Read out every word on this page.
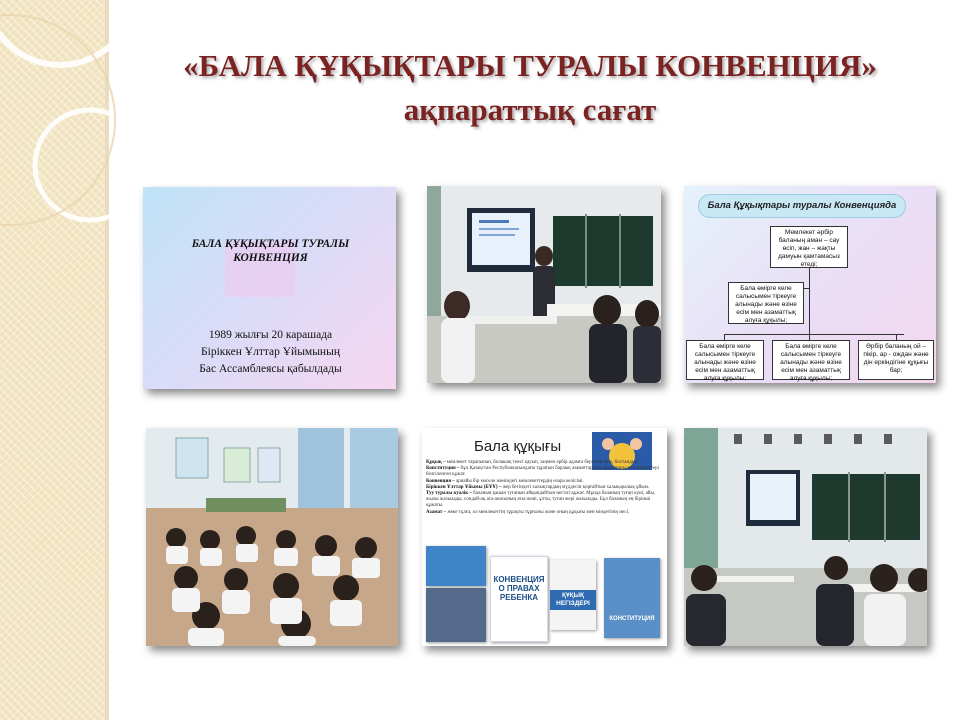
«БАЛА ҚҰҚЫҚТАРЫ ТУРАЛЫ КОНВЕНЦИЯ»
ақпараттық сағат
БАЛА ҚҰҚЫҚТАРЫ ТУРАЛЫ КОНВЕНЦИЯ
1989 жылғы 20 карашада
Біріккен Ұлттар Ұйымының
Бас Ассамблеясы қабылдады
Бала Құқықтары туралы Конвенцияда
Мемлекет әрбір баланың аман – сау өсіп, жан – жақты дамуын қамтамасыз етеді;
Бала өмірге келе салысымен тіркеуге алынады және өзіне есім мен азаматтық алуға құқылы;
Бала өмірге келе салысымен тіркеуге алынады және өзіне есім мен азаматтық алуға құқылы;
Бала өмірге келе салысымен тіркеуге алынады және өзіне есім мен азаматтық алуға құқылы;
Әрбір баланың ой – пікір, ар - ождан және дін еркіндігіне құқығы бар;
Бала құқығы
Құқық – мемлекет тарапынан, болашақ тиесі қауып, заңмен әрбір адамға берілген ерік, бостандық
Конституция – бұл Қазақстан Республикасындағы тұратын барлық азаматтардың құқықтары мен міндеттері белгіленген құжат.
Конвенция – арнайы бір мәселе жөніндегі мемлекеттердің өзара келісімі.
Біріккен Ұлттар Ұйымы (БҰҰ) – жер бетіндегі халықтардың мүддесін қорғайтын халықаралық ұйым.
Туу туралы куәлік – баланың қашан туғанын айқындайтын негізгі құжат. Мұнда баланың туған күні, айы, жылы жазылады, сондай-ақ ата-анасының аты-жөні, ұлты, туған жері жазылады. Бұл баланың ең бірінші құжаты.
Азамат – жеке тұлға, ол мемлекеттің тұрақты тұрғыны және оның құқығы мен міндетінің иесі.
КОНВЕНЦИЯ О ПРАВАХ РЕБЕНКА	ҚҰҚЫҚ НЕГІЗДЕРІ
КОНСТИТУЦИЯ
